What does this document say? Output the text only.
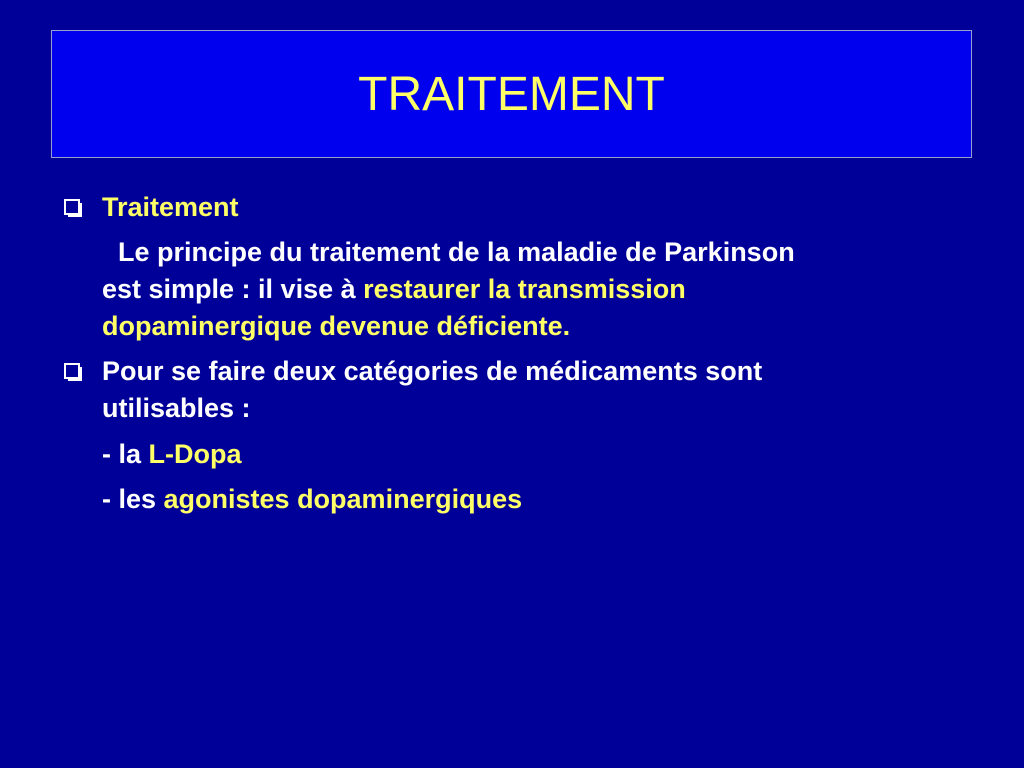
TRAITEMENT
Traitement
Le principe du traitement de la maladie de Parkinson
est simple : il vise à restaurer la transmission
dopaminergique devenue déficiente.
Pour se faire deux catégories de médicaments sont
utilisables :
- la L-Dopa
- les agonistes dopaminergiques
